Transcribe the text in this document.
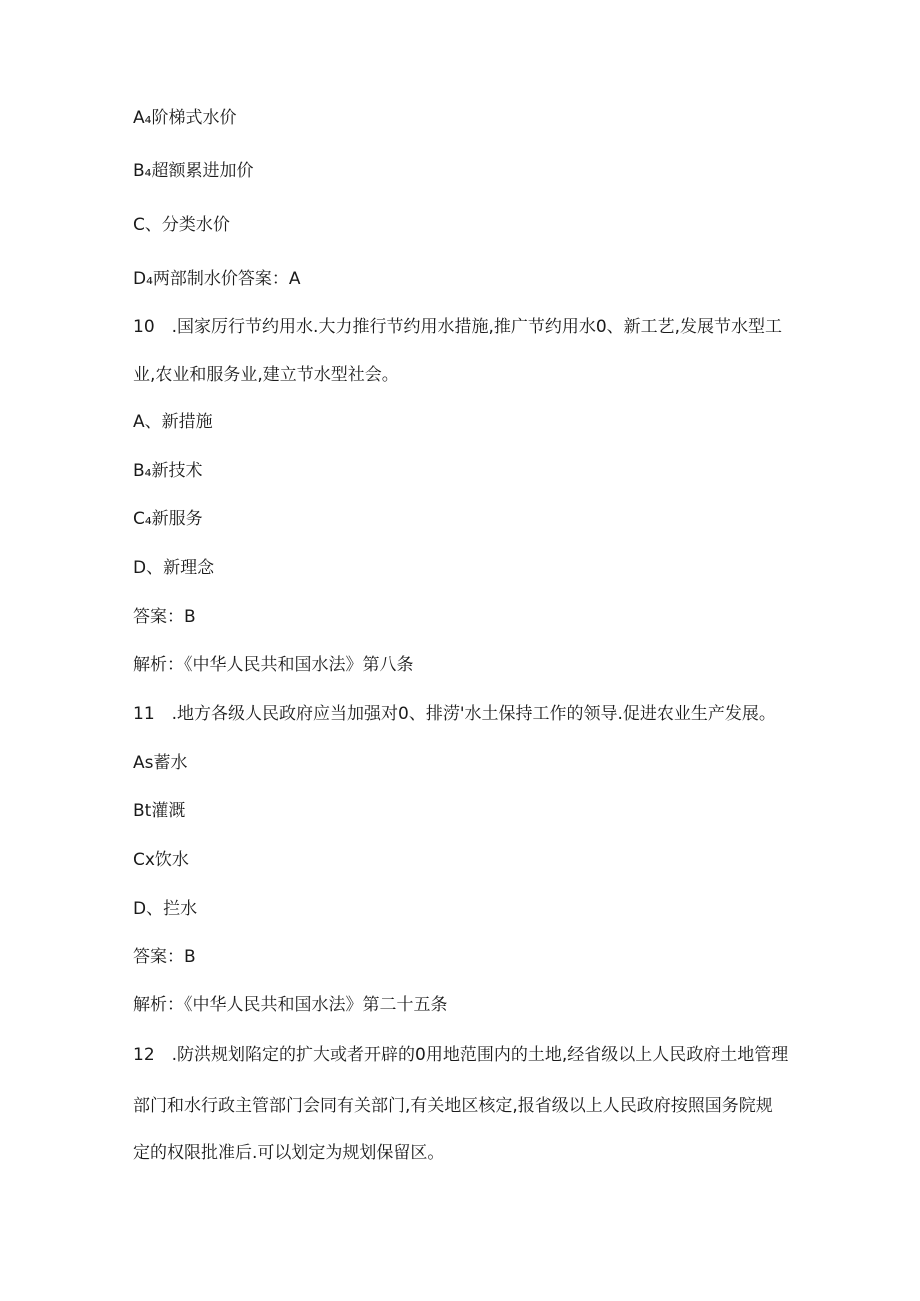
A₄阶梯式水价
B₄超额累进加价
C、分类水价
D₄两部制水价答案：A
10　.国家厉行节约用水.大力推行节约用水措施,推广节约用水0、新工艺,发展节水型工
业,农业和服务业,建立节水型社会。
A、新措施
B₄新技术
C₄新服务
D、新理念
答案：B
解析：《中华人民共和国水法》第八条
11　.地方各级人民政府应当加强对0、排涝'水土保持工作的领导.促进农业生产发展。
As蓄水
Bt灌溉
Cx饮水
D、拦水
答案：B
解析：《中华人民共和国水法》第二十五条
12　.防洪规划陷定的扩大或者开辟的0用地范围内的土地,经省级以上人民政府土地管理
部门和水行政主管部门会同有关部门,有关地区核定,报省级以上人民政府按照国务院规
定的权限批准后.可以划定为规划保留区。
